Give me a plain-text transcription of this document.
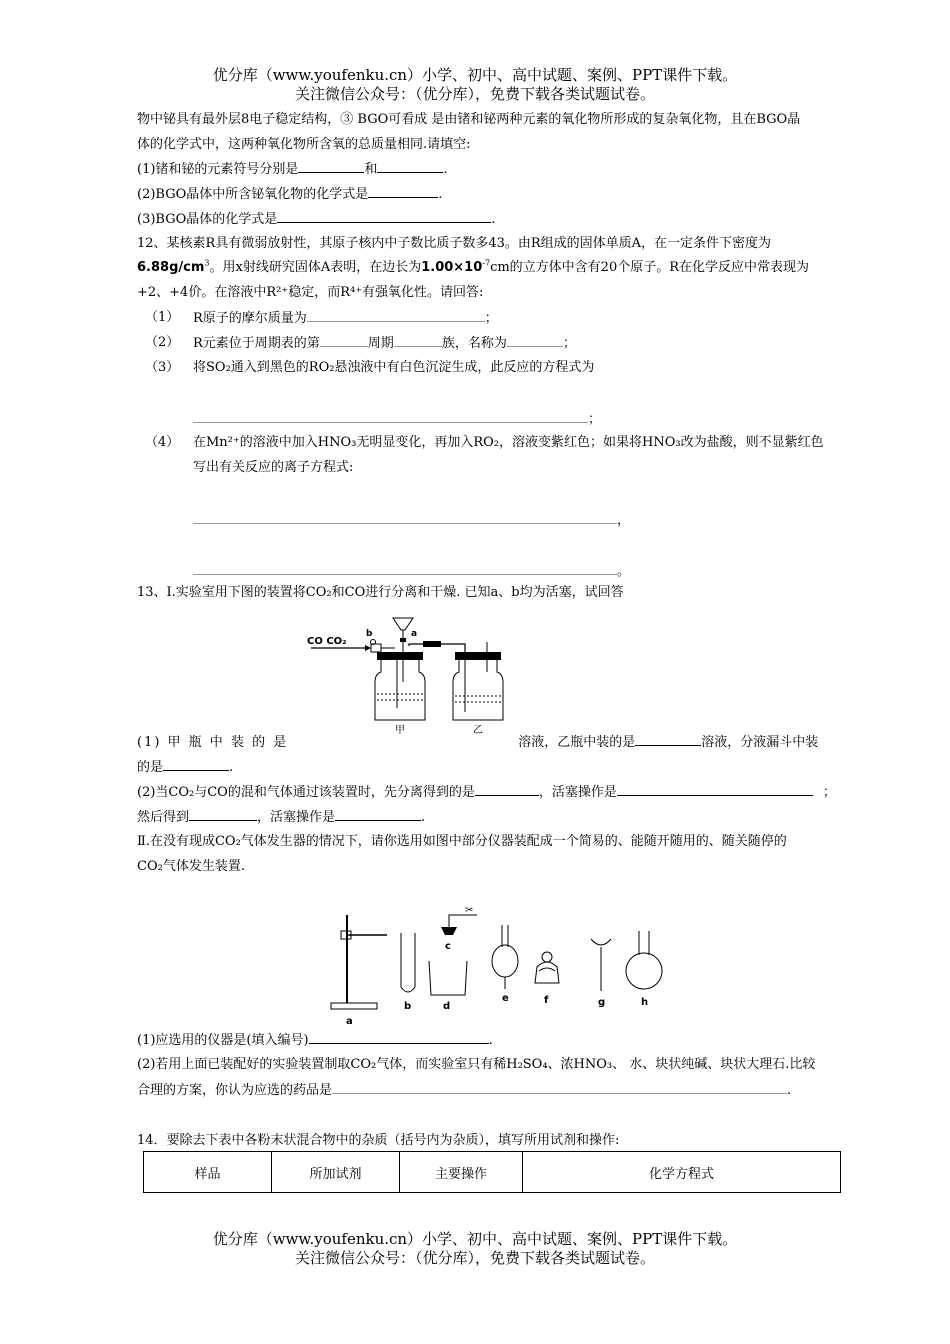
优分库（www.youfenku.cn）小学、初中、高中试题、案例、PPT课件下载。
关注微信公众号：（优分库），免费下载各类试题试卷。
物中铋具有最外层8电子稳定结构，③ BGO可看成 是由锗和铋两种元素的氧化物所形成的复杂氧化物，且在BGO晶
体的化学式中，这两种氧化物所含氧的总质量相同.请填空:
(1)锗和铋的元素符号分别是	和	.
(2)BGO晶体中所含铋氧化物的化学式是	.
(3)BGO晶体的化学式是	.
12、某核素R具有微弱放射性，其原子核内中子数比质子数多43。由R组成的固体单质A，在一定条件下密度为
$6.88g/cm^3$。用x射线研究固体A表明，在边长为$1.00\times 10^{-7}cm$的立方体中含有20个原子。R在化学反应中常表现为
+2、+4价。在溶液中R²⁺稳定，而R⁴⁺有强氧化性。请回答:
（1） R原子的摩尔质量为	；
（2） R元素位于周期表的第	周期	族，名称为	；
（3） 将SO₂通入到黑色的RO₂悬浊液中有白色沉淀生成，此反应的方程式为
；
（4） 在Mn²⁺的溶液中加入HNO₃无明显变化，再加入RO₂，溶液变紫红色；如果将HNO₃改为盐酸，则不显紫红色
写出有关反应的离子方程式:
，
。
13、Ⅰ.实验室用下图的装置将CO₂和CO进行分离和干燥. 已知a、b均为活塞，试回答
CO CO₂
b	a
甲	乙
(1) 甲 瓶 中 装 的 是	溶液，乙瓶中装的是	溶液，分液漏斗中装
的是	.
(2)当CO₂与CO的混和气体通过该装置时，先分离得到的是	，活塞操作是	；
然后得到	，活塞操作是	.
Ⅱ.在没有现成CO₂气体发生器的情况下，请你选用如图中部分仪器装配成一个简易的、能随开随用的、随关随停的
CO₂气体发生装置.
a
b
✂
c
d
e	f	g	h
(1)应选用的仪器是(填入编号)	.
(2)若用上面已装配好的实验装置制取CO₂气体，而实验室只有稀H₂SO₄、浓HNO₃、 水、块状纯碱、块状大理石.比较
合理的方案，你认为应选的药品是	.
14．要除去下表中各粉末状混合物中的杂质（括号内为杂质），填写所用试剂和操作:
样品	所加试剂	主要操作	化学方程式
优分库（www.youfenku.cn）小学、初中、高中试题、案例、PPT课件下载。
关注微信公众号：（优分库），免费下载各类试题试卷。
